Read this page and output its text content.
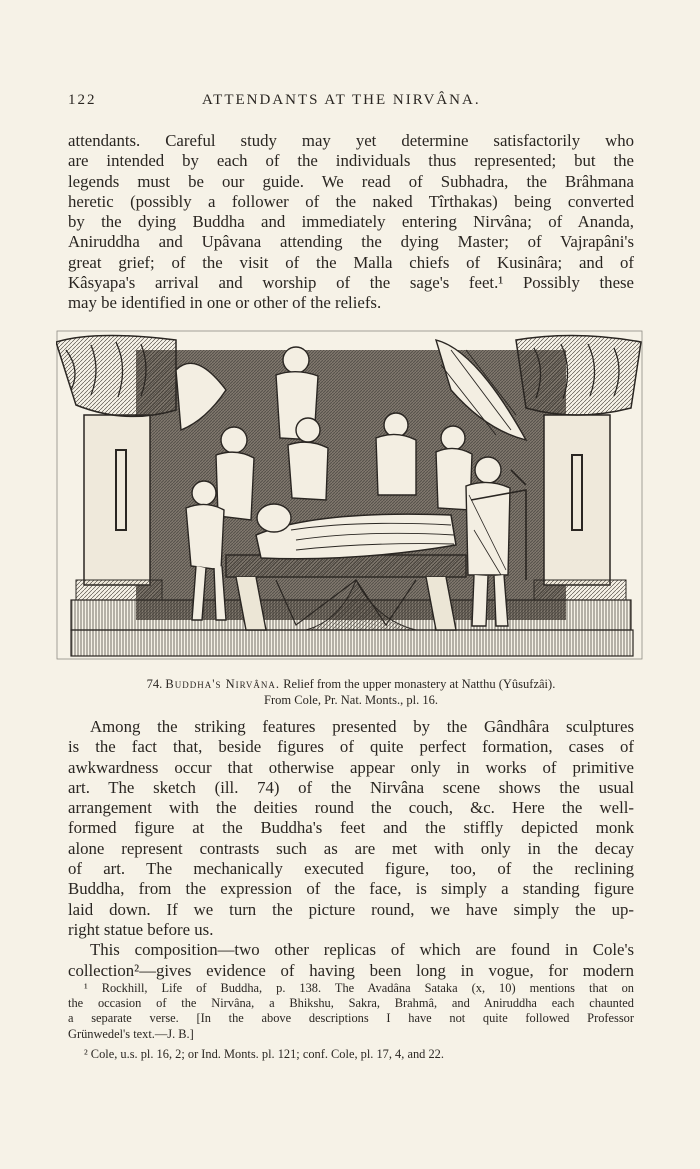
122	ATTENDANTS AT THE NIRVÂNA.
attendants. Careful study may yet determine satisfactorily who
are intended by each of the individuals thus represented; but the
legends must be our guide. We read of Subhadra, the Brâhmana
heretic (possibly a follower of the naked Tîrthakas) being converted
by the dying Buddha and immediately entering Nirvâna; of Ananda,
Aniruddha and Upâvana attending the dying Master; of Vajrapâni's
great grief; of the visit of the Malla chiefs of Kusinâra; and of
Kâsyapa's arrival and worship of the sage's feet.¹ Possibly these
may be identified in one or other of the reliefs.
74. Buddha's Nirvâna. Relief from the upper monastery at Natthu (Yûsufzâi).
From Cole, Pr. Nat. Monts., pl. 16.
Among the striking features presented by the Gândhâra sculptures
is the fact that, beside figures of quite perfect formation, cases of
awkwardness occur that otherwise appear only in works of primitive
art. The sketch (ill. 74) of the Nirvâna scene shows the usual
arrangement with the deities round the couch, &c. Here the well-
formed figure at the Buddha's feet and the stiffly depicted monk
alone represent contrasts such as are met with only in the decay
of art. The mechanically executed figure, too, of the reclining
Buddha, from the expression of the face, is simply a standing figure
laid down. If we turn the picture round, we have simply the up-
right statue before us.
This composition—two other replicas of which are found in Cole's
collection²—gives evidence of having been long in vogue, for modern
¹ Rockhill, Life of Buddha, p. 138. The Avadâna Sataka (x, 10) mentions that on
the occasion of the Nirvâna, a Bhikshu, Sakra, Brahmâ, and Aniruddha each chaunted
a separate verse. [In the above descriptions I have not quite followed Professor
Grünwedel's text.—J. B.]
² Cole, u.s. pl. 16, 2; or Ind. Monts. pl. 121; conf. Cole, pl. 17, 4, and 22.
